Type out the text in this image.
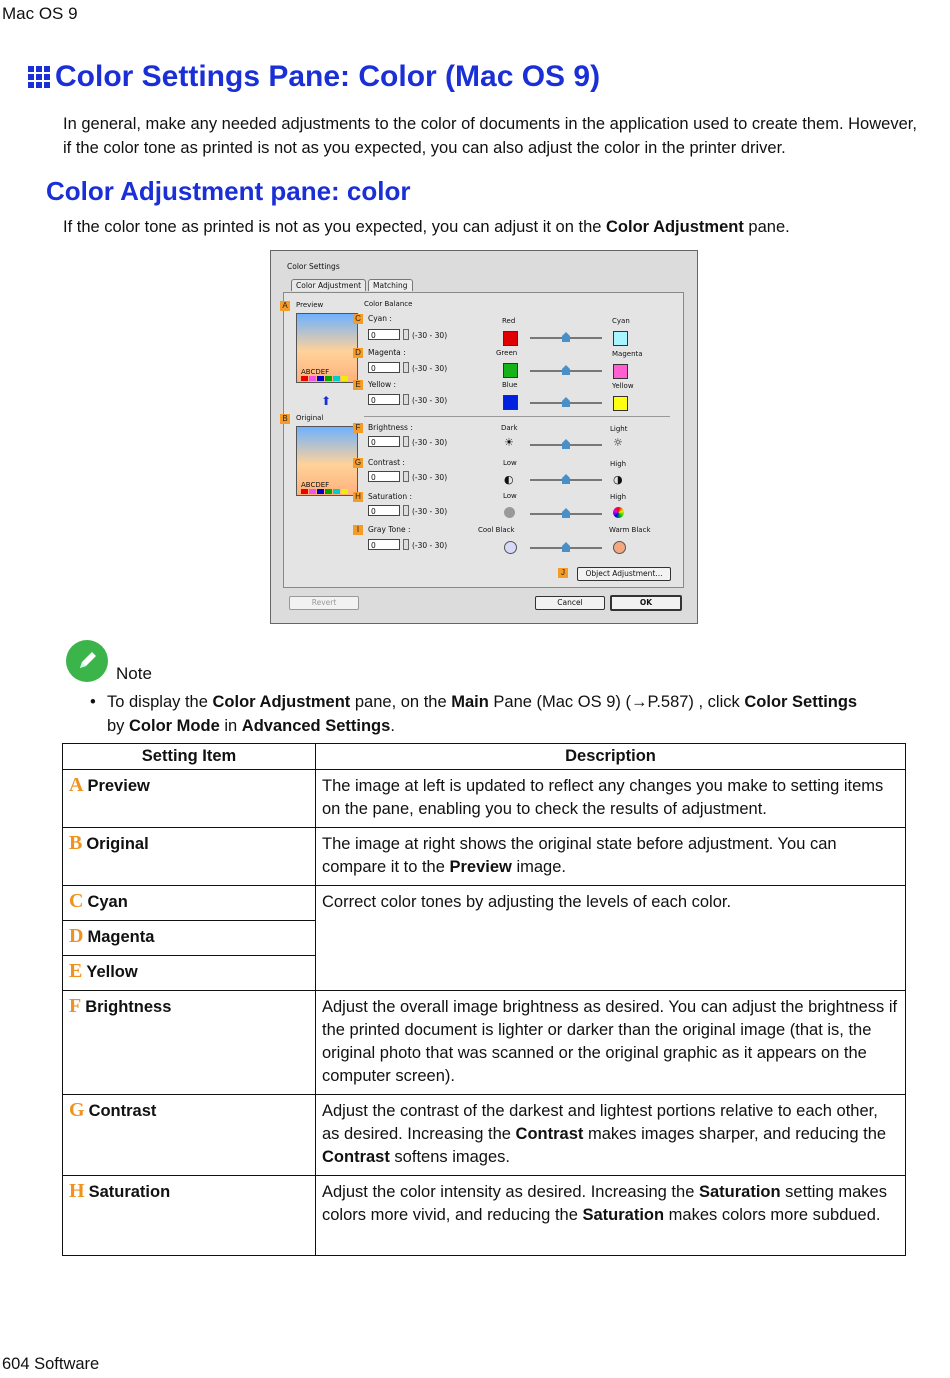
Mac OS 9
Color Settings Pane: Color (Mac OS 9)
In general, make any needed adjustments to the color of documents in the application used to create them. However, if the color tone as printed is not as you expected, you can also adjust the color in the printer driver.
Color Adjustment pane: color
If the color tone as printed is not as you expected, you can adjust it on the Color Adjustment pane.
Color Settings
Color Adjustment	Matching
Preview
ABCDEF
⬆
Original
ABCDEF
Color Balance
Cyan :
0	(-30 - 30)
Red	Cyan
Magenta :
0	(-30 - 30)
Green	Magenta
Yellow :
0	(-30 - 30)
Blue	Yellow
Brightness :
0	(-30 - 30)
Dark
☀
Light
☼
Contrast :
0	(-30 - 30)
Low
◐
High
◑
Saturation :
0	(-30 - 30)
Low	High
Gray Tone :
0	(-30 - 30)
Cool Black	Warm Black
Object Adjustment...
A
B
C
D
E
F
G
H
I
J
Revert	Cancel	OK
Note
• To display the Color Adjustment pane, on the Main Pane (Mac OS 9) (→P.587) , click Color Settings
by Color Mode in Advanced Settings.
Setting Item	Description
A Preview	The image at left is updated to reflect any changes you make to setting items on the pane, enabling you to check the results of adjustment.
B Original	The image at right shows the original state before adjustment. You can compare it to the Preview image.
C Cyan	Correct color tones by adjusting the levels of each color.
D Magenta	
E Yellow	
F Brightness	Adjust the overall image brightness as desired. You can adjust the brightness if the printed document is lighter or darker than the original image (that is, the original photo that was scanned or the original graphic as it appears on the computer screen).
G Contrast	Adjust the contrast of the darkest and lightest portions relative to each other, as desired. Increasing the Contrast makes images sharper, and reducing the Contrast softens images.
H Saturation	Adjust the color intensity as desired. Increasing the Saturation setting makes colors more vivid, and reducing the Saturation makes colors more subdued.
604 Software
